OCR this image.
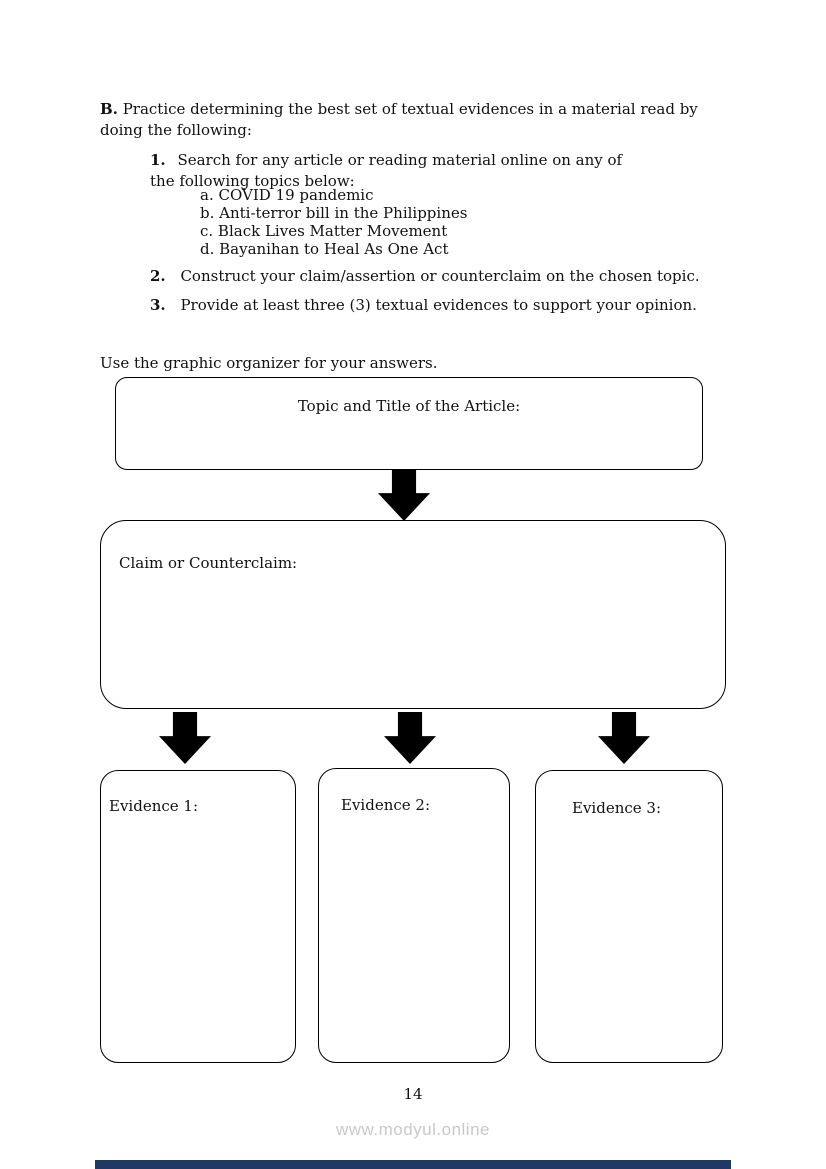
B. Practice determining the best set of textual evidences in a material read by doing the following:
1. Search for any article or reading material online on any of the following topics below:
a. COVID 19 pandemic
b. Anti-terror bill in the Philippines
c. Black Lives Matter Movement
d. Bayanihan to Heal As One Act
2. Construct your claim/assertion or counterclaim on the chosen topic.
3. Provide at least three (3) textual evidences to support your opinion.
Use the graphic organizer for your answers.
Topic and Title of the Article:
Claim or Counterclaim:
Evidence 1:	Evidence 2:	Evidence 3:
14
www.modyul.online
